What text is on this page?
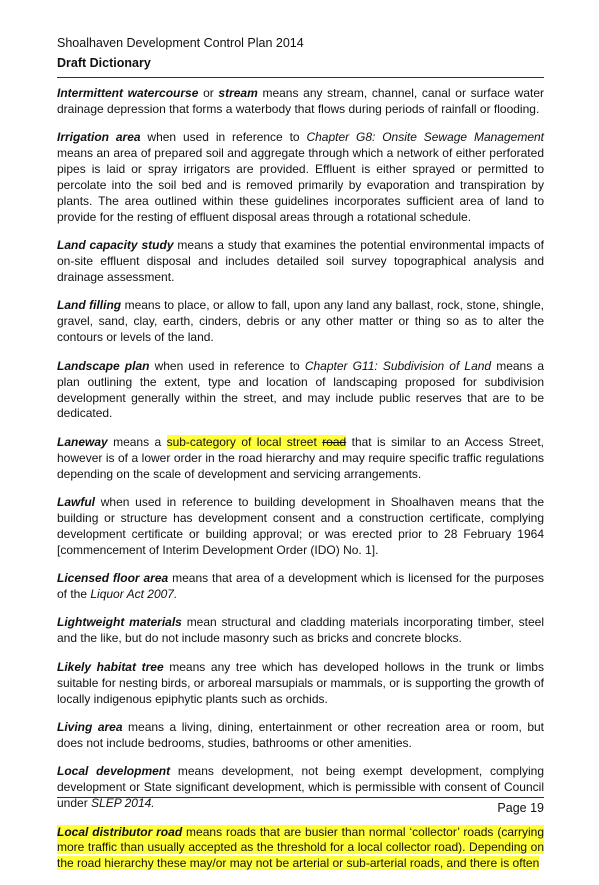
Shoalhaven Development Control Plan 2014

Draft Dictionary

Intermittent watercourse or stream means any stream, channel, canal or surface water drainage depression that forms a waterbody that flows during periods of rainfall or flooding.

Irrigation area when used in reference to Chapter G8: Onsite Sewage Management means an area of prepared soil and aggregate through which a network of either perforated pipes is laid or spray irrigators are provided. Effluent is either sprayed or permitted to percolate into the soil bed and is removed primarily by evaporation and transpiration by plants. The area outlined within these guidelines incorporates sufficient area of land to provide for the resting of effluent disposal areas through a rotational schedule.

Land capacity study means a study that examines the potential environmental impacts of on-site effluent disposal and includes detailed soil survey topographical analysis and drainage assessment.

Land filling means to place, or allow to fall, upon any land any ballast, rock, stone, shingle, gravel, sand, clay, earth, cinders, debris or any other matter or thing so as to alter the contours or levels of the land.

Landscape plan when used in reference to Chapter G11: Subdivision of Land means a plan outlining the extent, type and location of landscaping proposed for subdivision development generally within the street, and may include public reserves that are to be dedicated.

Laneway means a sub-category of local street road that is similar to an Access Street, however is of a lower order in the road hierarchy and may require specific traffic regulations depending on the scale of development and servicing arrangements.

Lawful when used in reference to building development in Shoalhaven means that the building or structure has development consent and a construction certificate, complying development certificate or building approval; or was erected prior to 28 February 1964 [commencement of Interim Development Order (IDO) No. 1].

Licensed floor area means that area of a development which is licensed for the purposes of the Liquor Act 2007.

Lightweight materials mean structural and cladding materials incorporating timber, steel and the like, but do not include masonry such as bricks and concrete blocks.

Likely habitat tree means any tree which has developed hollows in the trunk or limbs suitable for nesting birds, or arboreal marsupials or mammals, or is supporting the growth of locally indigenous epiphytic plants such as orchids.

Living area means a living, dining, entertainment or other recreation area or room, but does not include bedrooms, studies, bathrooms or other amenities.

Local development means development, not being exempt development, complying development or State significant development, which is permissible with consent of Council under SLEP 2014.

Local distributor road means roads that are busier than normal ‘collector’ roads (carrying more traffic than usually accepted as the threshold for a local collector road). Depending on the road hierarchy these may/or may not be arterial or sub-arterial roads, and there is often

Page 19
